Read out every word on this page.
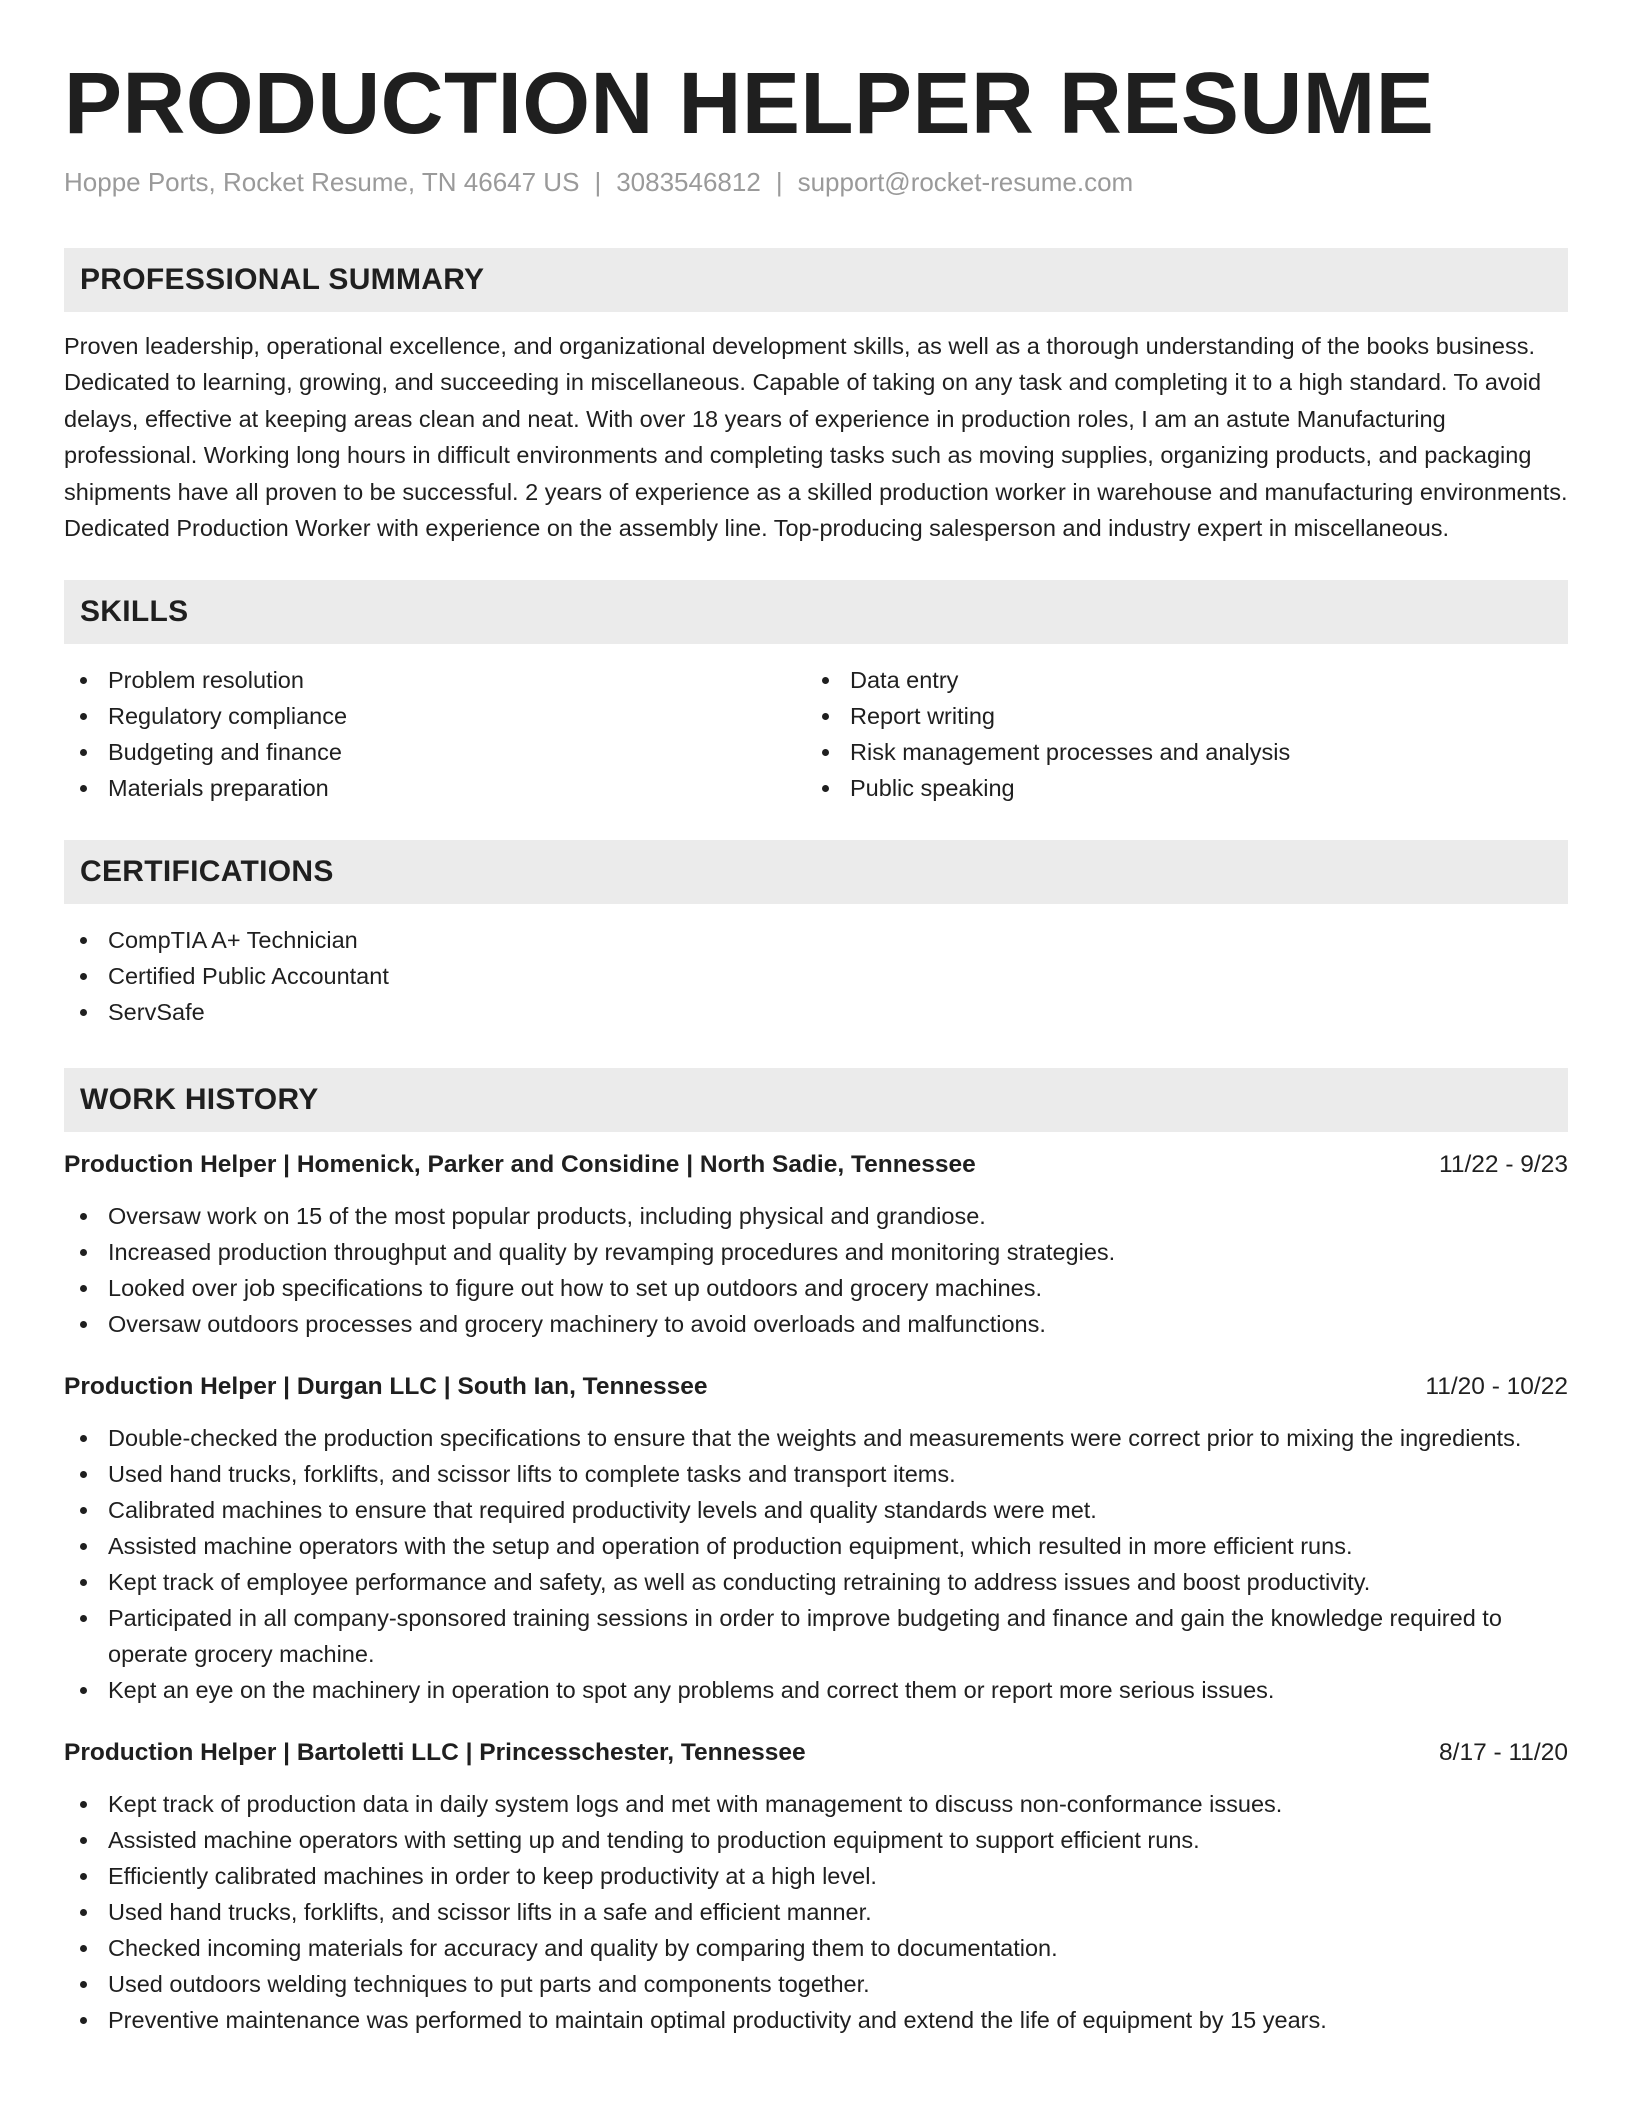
PRODUCTION HELPER RESUME
Hoppe Ports, Rocket Resume, TN 46647 US | 3083546812 | support@rocket-resume.com
PROFESSIONAL SUMMARY

Proven leadership, operational excellence, and organizational development skills, as well as a thorough understanding of the books business. Dedicated to learning, growing, and succeeding in miscellaneous. Capable of taking on any task and completing it to a high standard. To avoid delays, effective at keeping areas clean and neat. With over 18 years of experience in production roles, I am an astute Manufacturing professional. Working long hours in difficult environments and completing tasks such as moving supplies, organizing products, and packaging shipments have all proven to be successful. 2 years of experience as a skilled production worker in warehouse and manufacturing environments. Dedicated Production Worker with experience on the assembly line. Top-producing salesperson and industry expert in miscellaneous.

SKILLS
Problem resolution
Regulatory compliance
Budgeting and finance
Materials preparation
Data entry
Report writing
Risk management processes and analysis
Public speaking
CERTIFICATIONS
CompTIA A+ Technician
Certified Public Accountant
ServSafe
WORK HISTORY
Production Helper | Homenick, Parker and Considine | North Sadie, Tennessee	11/22 - 9/23
Oversaw work on 15 of the most popular products, including physical and grandiose.
Increased production throughput and quality by revamping procedures and monitoring strategies.
Looked over job specifications to figure out how to set up outdoors and grocery machines.
Oversaw outdoors processes and grocery machinery to avoid overloads and malfunctions.
Production Helper | Durgan LLC | South Ian, Tennessee	11/20 - 10/22
Double-checked the production specifications to ensure that the weights and measurements were correct prior to mixing the ingredients.
Used hand trucks, forklifts, and scissor lifts to complete tasks and transport items.
Calibrated machines to ensure that required productivity levels and quality standards were met.
Assisted machine operators with the setup and operation of production equipment, which resulted in more efficient runs.
Kept track of employee performance and safety, as well as conducting retraining to address issues and boost productivity.
Participated in all company-sponsored training sessions in order to improve budgeting and finance and gain the knowledge required to operate grocery machine.
Kept an eye on the machinery in operation to spot any problems and correct them or report more serious issues.
Production Helper | Bartoletti LLC | Princesschester, Tennessee	8/17 - 11/20
Kept track of production data in daily system logs and met with management to discuss non-conformance issues.
Assisted machine operators with setting up and tending to production equipment to support efficient runs.
Efficiently calibrated machines in order to keep productivity at a high level.
Used hand trucks, forklifts, and scissor lifts in a safe and efficient manner.
Checked incoming materials for accuracy and quality by comparing them to documentation.
Used outdoors welding techniques to put parts and components together.
Preventive maintenance was performed to maintain optimal productivity and extend the life of equipment by 15 years.
